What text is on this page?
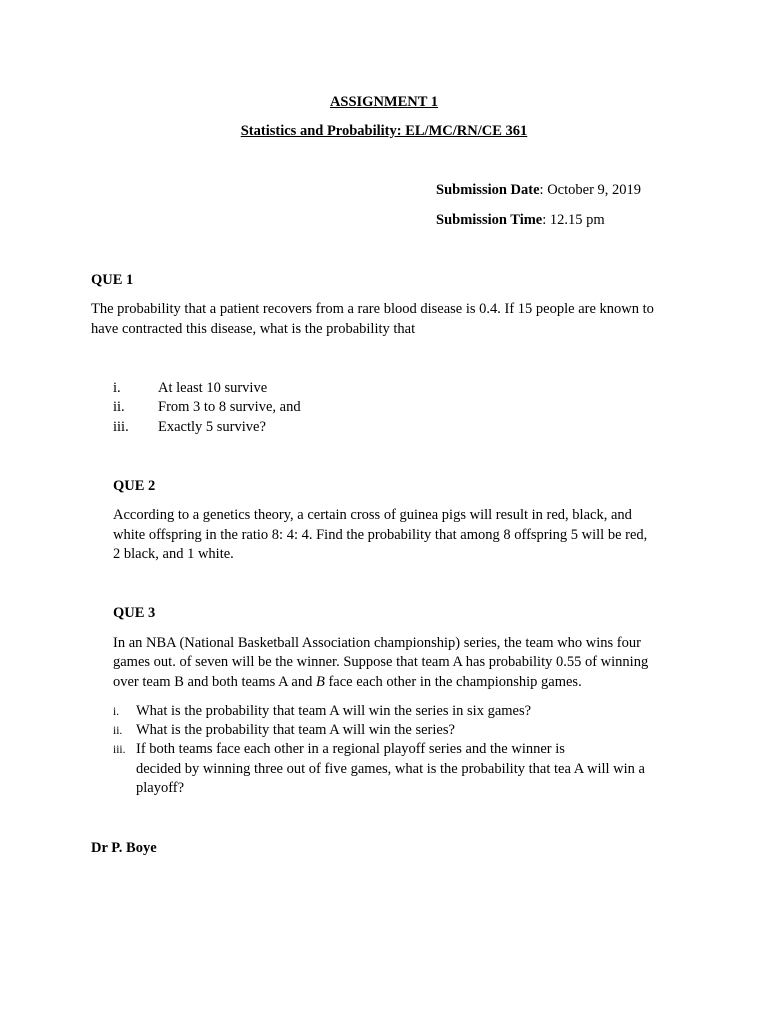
ASSIGNMENT 1
Statistics and Probability: EL/MC/RN/CE 361
Submission Date: October 9, 2019
Submission Time: 12.15 pm
QUE 1
The probability that a patient recovers from a rare blood disease is 0.4. If 15 people are known to
have contracted this disease, what is the probability that
i.	At least 10 survive
ii. From 3 to 8 survive, and
iii. Exactly 5 survive?
QUE 2
According to a genetics theory, a certain cross of guinea pigs will result in red, black, and
white offspring in the ratio 8: 4: 4. Find the probability that among 8 offspring 5 will be red,
2 black, and 1 white.
QUE 3
In an NBA (National Basketball Association championship) series, the team who wins four
games out. of seven will be the winner. Suppose that team A has probability 0.55 of winning
over team B and both teams A and B face each other in the championship games.
i. What is the probability that team A will win the series in six games?
ii. What is the probability that team A will win the series?
iii. If both teams face each other in a regional playoff series and the winner is
decided by winning three out of five games, what is the probability that tea A will win a
playoff?
Dr P. Boye
